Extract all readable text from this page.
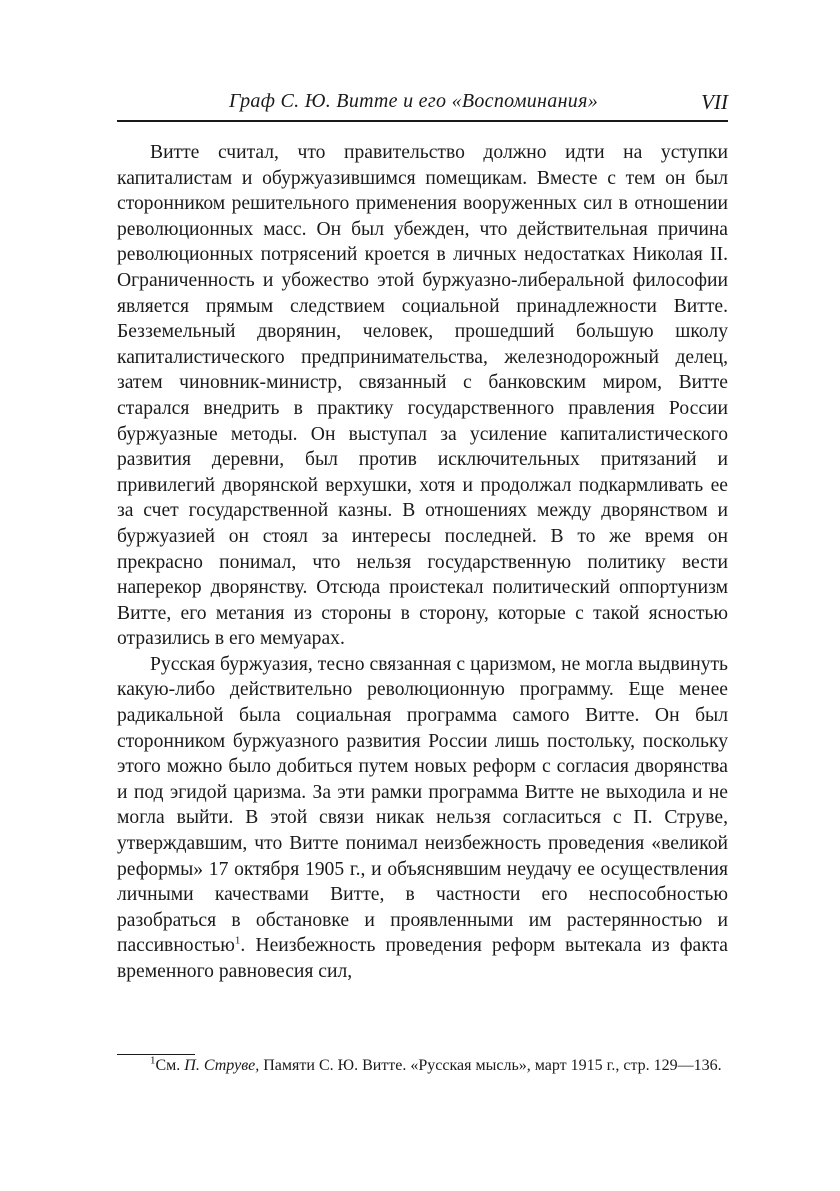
Граф С. Ю. Витте и его «Воспоминания»	VII

Витте считал, что правительство должно идти на уступки капиталистам и обуржуазившимся помещикам. Вместе с тем он был сторонником решительного применения вооруженных сил в отношении революционных масс. Он был убежден, что действительная причина революционных потрясений кроется в личных недостатках Николая II. Ограниченность и убожество этой буржуазно-либеральной философии является прямым следствием социальной принадлежности Витте. Безземельный дворянин, человек, прошедший большую школу капиталистического предпринимательства, железнодорожный делец, затем чиновник-министр, связанный с банковским миром, Витте старался внедрить в практику государственного правления России буржуазные методы. Он выступал за усиление капиталистического развития деревни, был против исключительных притязаний и привилегий дворянской верхушки, хотя и продолжал подкармливать ее за счет государственной казны. В отношениях между дворянством и буржуазией он стоял за интересы последней. В то же время он прекрасно понимал, что нельзя государственную политику вести наперекор дворянству. Отсюда проистекал политический оппортунизм Витте, его метания из стороны в сторону, которые с такой ясностью отразились в его мемуарах.

Русская буржуазия, тесно связанная с царизмом, не могла выдвинуть какую-либо действительно революционную программу. Еще менее радикальной была социальная программа самого Витте. Он был сторонником буржуазного развития России лишь постольку, поскольку этого можно было добиться путем новых реформ с согласия дворянства и под эгидой царизма. За эти рамки программа Витте не выходила и не могла выйти. В этой связи никак нельзя согласиться с П. Струве, утверждавшим, что Витте понимал неизбежность проведения «великой реформы» 17 октября 1905 г., и объяснявшим неудачу ее осуществления личными качествами Витте, в частности его неспособностью разобраться в обстановке и проявленными им растерянностью и пассивностью$^1$. Неизбежность проведения реформ вытекала из факта временного равновесия сил,

$^1$См. П. Струве, Памяти С. Ю. Витте. «Русская мысль», март 1915 г., стр. 129—136.
